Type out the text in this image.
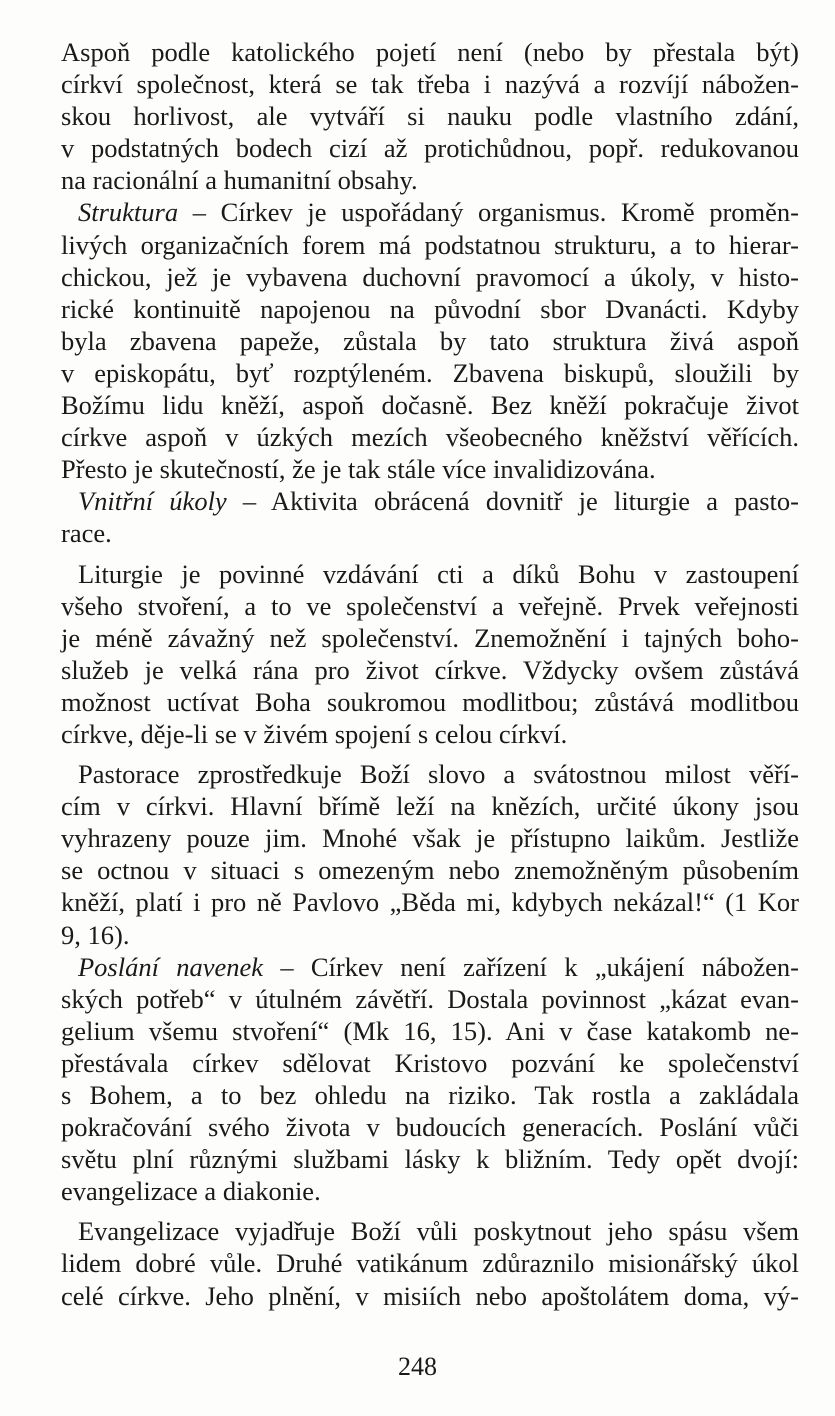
Aspoň podle katolického pojetí není (nebo by přestala být)
církví společnost, která se tak třeba i nazývá a rozvíjí nábožen-
skou horlivost, ale vytváří si nauku podle vlastního zdání,
v podstatných bodech cizí až protichůdnou, popř. redukovanou
na racionální a humanitní obsahy.
Struktura – Církev je uspořádaný organismus. Kromě proměn-
livých organizačních forem má podstatnou strukturu, a to hierar-
chickou, jež je vybavena duchovní pravomocí a úkoly, v histo-
rické kontinuitě napojenou na původní sbor Dvanácti. Kdyby
byla zbavena papeže, zůstala by tato struktura živá aspoň
v episkopátu, byť rozptýleném. Zbavena biskupů, sloužili by
Božímu lidu kněží, aspoň dočasně. Bez kněží pokračuje život
církve aspoň v úzkých mezích všeobecného kněžství věřících.
Přesto je skutečností, že je tak stále více invalidizována.
Vnitřní úkoly – Aktivita obrácená dovnitř je liturgie a pasto-
race.
Liturgie je povinné vzdávání cti a díků Bohu v zastoupení
všeho stvoření, a to ve společenství a veřejně. Prvek veřejnosti
je méně závažný než společenství. Znemožnění i tajných boho-
služeb je velká rána pro život církve. Vždycky ovšem zůstává
možnost uctívat Boha soukromou modlitbou; zůstává modlitbou
církve, děje-li se v živém spojení s celou církví.
Pastorace zprostředkuje Boží slovo a svátostnou milost věří-
cím v církvi. Hlavní břímě leží na knězích, určité úkony jsou
vyhrazeny pouze jim. Mnohé však je přístupno laikům. Jestliže
se octnou v situaci s omezeným nebo znemožněným působením
kněží, platí i pro ně Pavlovo „Běda mi, kdybych nekázal!“ (1 Kor
9, 16).
Poslání navenek – Církev není zařízení k „ukájení nábožen-
ských potřeb“ v útulném závětří. Dostala povinnost „kázat evan-
gelium všemu stvoření“ (Mk 16, 15). Ani v čase katakomb ne-
přestávala církev sdělovat Kristovo pozvání ke společenství
s Bohem, a to bez ohledu na riziko. Tak rostla a zakládala
pokračování svého života v budoucích generacích. Poslání vůči
světu plní různými službami lásky k bližním. Tedy opět dvojí:
evangelizace a diakonie.
Evangelizace vyjadřuje Boží vůli poskytnout jeho spásu všem
lidem dobré vůle. Druhé vatikánum zdůraznilo misionářský úkol
celé církve. Jeho plnění, v misiích nebo apoštolátem doma, vý-
248
